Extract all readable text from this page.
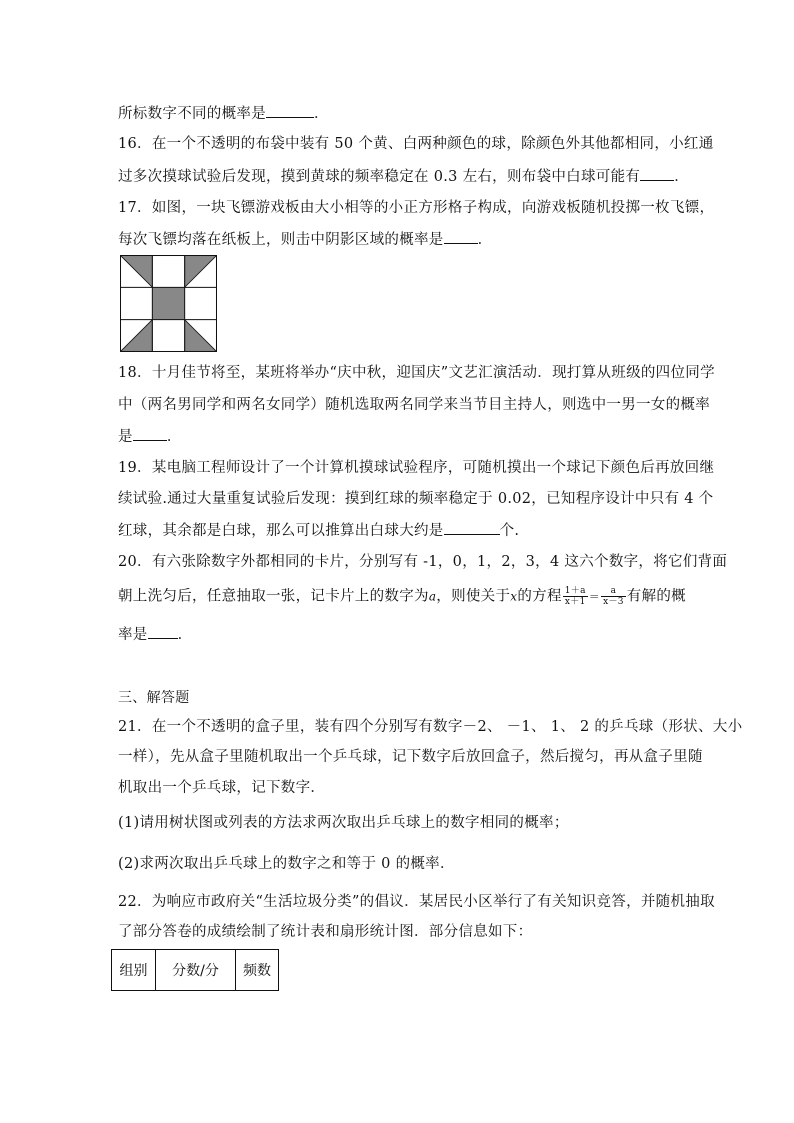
所标数字不同的概率是	．
16．在一个不透明的布袋中装有 50 个黄、白两种颜色的球，除颜色外其他都相同，小红通
过多次摸球试验后发现，摸到黄球的频率稳定在 0.3 左右，则布袋中白球可能有 ．
17．如图，一块飞镖游戏板由大小相等的小正方形格子构成，向游戏板随机投掷一枚飞镖，
每次飞镖均落在纸板上，则击中阴影区域的概率是 ．
18．十月佳节将至，某班将举办“庆中秋，迎国庆”文艺汇演活动．现打算从班级的四位同学
中（两名男同学和两名女同学）随机选取两名同学来当节目主持人，则选中一男一女的概率
是 ．
19．某电脑工程师设计了一个计算机摸球试验程序，可随机摸出一个球记下颜色后再放回继
续试验.通过大量重复试验后发现：摸到红球的频率稳定于 0.02，已知程序设计中只有 4 个
红球，其余都是白球，那么可以推算出白球大约是	个.
20．有六张除数字外都相同的卡片，分别写有 -1，0，1，2，3，4 这六个数字，将它们背面
朝上洗匀后，任意抽取一张，记卡片上的数字为a，则使关于x的方程 $\frac{1+a}{x+1} = \frac{a}{x-3}$ 有解的概
率是 ．
三、解答题
21．在一个不透明的盒子里，装有四个分别写有数字－2、 －1、 1、 2 的乒乓球（形状、大小
一样），先从盒子里随机取出一个乒乓球，记下数字后放回盒子，然后搅匀，再从盒子里随
机取出一个乒乓球，记下数字．
(1)请用树状图或列表的方法求两次取出乒乓球上的数字相同的概率；
(2)求两次取出乒乓球上的数字之和等于 0 的概率．
22．为响应市政府关“生活垃圾分类”的倡议．某居民小区举行了有关知识竞答，并随机抽取
了部分答卷的成绩绘制了统计表和扇形统计图．部分信息如下：
组别	分数/分	频数
